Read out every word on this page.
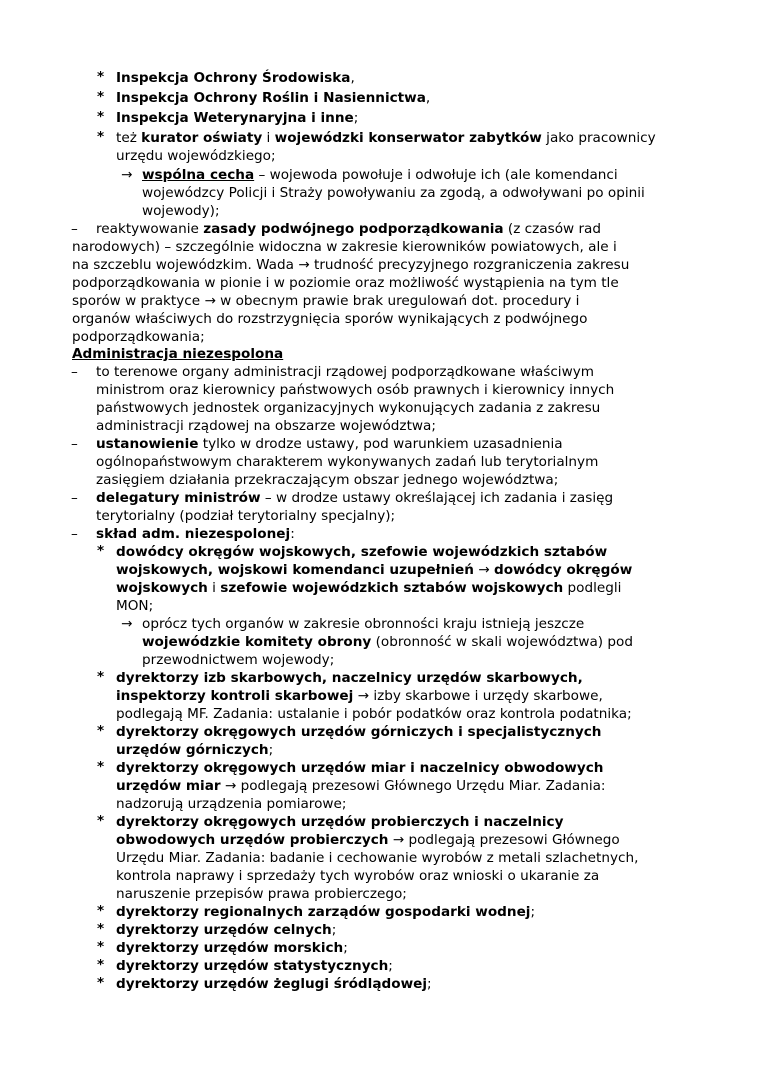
* Inspekcja Ochrony Środowiska,
* Inspekcja Ochrony Roślin i Nasiennictwa,
* Inspekcja Weterynaryjna i inne;
* też kurator oświaty i wojewódzki konserwator zabytków jako pracownicy
urzędu wojewódzkiego;
→ wspólna cecha – wojewoda powołuje i odwołuje ich (ale komendanci
wojewódzcy Policji i Straży powoływaniu za zgodą, a odwoływani po opinii
wojewody);
– reaktywowanie zasady podwójnego podporządkowania (z czasów rad
narodowych) – szczególnie widoczna w zakresie kierowników powiatowych, ale i
na szczeblu wojewódzkim. Wada → trudność precyzyjnego rozgraniczenia zakresu
podporządkowania w pionie i w poziomie oraz możliwość wystąpienia na tym tle
sporów w praktyce → w obecnym prawie brak uregulowań dot. procedury i
organów właściwych do rozstrzygnięcia sporów wynikających z podwójnego
podporządkowania;
Administracja niezespolona
– to terenowe organy administracji rządowej podporządkowane właściwym
ministrom oraz kierownicy państwowych osób prawnych i kierownicy innych
państwowych jednostek organizacyjnych wykonujących zadania z zakresu
administracji rządowej na obszarze województwa;
– ustanowienie tylko w drodze ustawy, pod warunkiem uzasadnienia
ogólnopaństwowym charakterem wykonywanych zadań lub terytorialnym
zasięgiem działania przekraczającym obszar jednego województwa;
– delegatury ministrów – w drodze ustawy określającej ich zadania i zasięg
terytorialny (podział terytorialny specjalny);
– skład adm. niezespolonej:
* dowódcy okręgów wojskowych, szefowie wojewódzkich sztabów
wojskowych, wojskowi komendanci uzupełnień → dowódcy okręgów
wojskowych i szefowie wojewódzkich sztabów wojskowych podlegli
MON;
→ oprócz tych organów w zakresie obronności kraju istnieją jeszcze
wojewódzkie komitety obrony (obronność w skali województwa) pod
przewodnictwem wojewody;
* dyrektorzy izb skarbowych, naczelnicy urzędów skarbowych,
inspektorzy kontroli skarbowej → izby skarbowe i urzędy skarbowe,
podlegają MF. Zadania: ustalanie i pobór podatków oraz kontrola podatnika;
* dyrektorzy okręgowych urzędów górniczych i specjalistycznych
urzędów górniczych;
* dyrektorzy okręgowych urzędów miar i naczelnicy obwodowych
urzędów miar → podlegają prezesowi Głównego Urzędu Miar. Zadania:
nadzorują urządzenia pomiarowe;
* dyrektorzy okręgowych urzędów probierczych i naczelnicy
obwodowych urzędów probierczych → podlegają prezesowi Głównego
Urzędu Miar. Zadania: badanie i cechowanie wyrobów z metali szlachetnych,
kontrola naprawy i sprzedaży tych wyrobów oraz wnioski o ukaranie za
naruszenie przepisów prawa probierczego;
* dyrektorzy regionalnych zarządów gospodarki wodnej;
* dyrektorzy urzędów celnych;
* dyrektorzy urzędów morskich;
* dyrektorzy urzędów statystycznych;
* dyrektorzy urzędów żeglugi śródlądowej;
